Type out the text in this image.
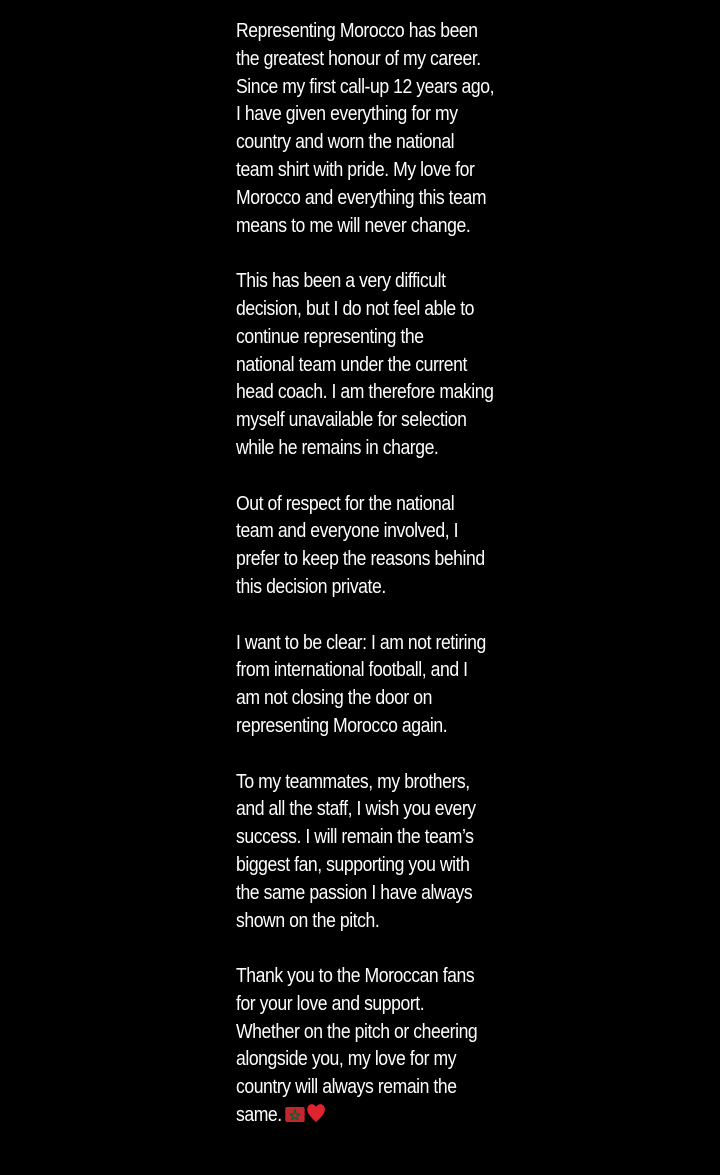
Representing Morocco has been
the greatest honour of my career.
Since my first call-up 12 years ago,
I have given everything for my
country and worn the national
team shirt with pride. My love for
Morocco and everything this team
means to me will never change.

This has been a very difficult
decision, but I do not feel able to
continue representing the
national team under the current
head coach. I am therefore making
myself unavailable for selection
while he remains in charge.

Out of respect for the national
team and everyone involved, I
prefer to keep the reasons behind
this decision private.

I want to be clear: I am not retiring
from international football, and I
am not closing the door on
representing Morocco again.

To my teammates, my brothers,
and all the staff, I wish you every
success. I will remain the team’s
biggest fan, supporting you with
the same passion I have always
shown on the pitch.

Thank you to the Moroccan fans
for your love and support.
Whether on the pitch or cheering
alongside you, my love for my
country will always remain the
same.
